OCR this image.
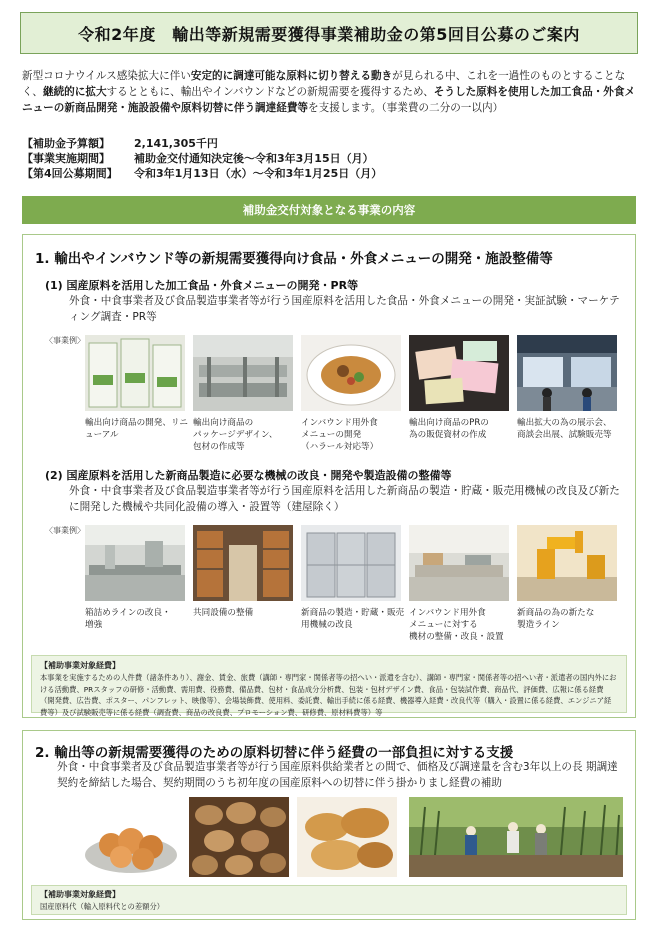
令和2年度　輸出等新規需要獲得事業補助金の第5回目公募のご案内
新型コロナウイルス感染拡大に伴い安定的に調達可能な原料に切り替える動きが見られる中、これを一過性のものとすることなく、継続的に拡大するとともに、輸出やインバウンドなどの新規需要を獲得するため、そうした原料を使用した加工食品・外食メニューの新商品開発・施設設備や原料切替に伴う調達経費等を支援します。（事業費の二分の一以内）
【補助金予算額】	2,141,305千円
【事業実施期間】	補助金交付通知決定後～令和3年3月15日（月）
【第4回公募期間】	令和3年1月13日（水）～令和3年1月25日（月）
補助金交付対象となる事業の内容
1. 輸出やインバウンド等の新規需要獲得向け食品・外食メニューの開発・施設整備等
(1) 国産原料を活用した加工食品・外食メニューの開発・PR等
外食・中食事業者及び食品製造事業者等が行う国産原料を活用した食品・外食メニューの開発・実証試験・マーケティング調査・PR等
〈事業例〉
輸出向け商品の開発、リニューアル
輸出向け商品の
パッケージデザイン、
包材の作成等
インバウンド用外食
メニューの開発
（ハラール対応等）
輸出向け商品のPRの
為の販促資材の作成
輸出拡大の為の展示会、
商談会出展、試験販売等
(2) 国産原料を活用した新商品製造に必要な機械の改良・開発や製造設備の整備等
外食・中食事業者及び食品製造事業者等が行う国産原料を活用した新商品の製造・貯蔵・販売用機械の改良及び新たに開発した機械や共同化設備の導入・設置等（建屋除く）
〈事業例〉
箱詰めラインの改良・
増強
共同設備の整備	新商品の製造・貯蔵・販売
用機械の改良
インバウンド用外食
メニューに対する
機材の整備・改良・設置
新商品の為の新たな
製造ライン
【補助事業対象経費】
本事業を実施するための人件費（諸条件あり）、謝金、賃金、旅費（講師・専門家・関係者等の招へい・派遣を含む）、講師・専門家・関係者等の招へい者・派遣者の国内外における活動費、PRスタッフの研修・活動費、需用費、役務費、備品費、包材・食品成分分析費、包装・包材デザイン費、食品・包装試作費、商品代、評価費、広報に係る経費（開発費、広告費、ポスター、パンフレット、映像等）、会場装飾費、使用料、委託費、輸出手続に係る経費、機器導入経費・改良代等（購入・設置に係る経費、エンジニア経費等）及び試験販売等に係る経費（調査費、商品の改良費、プロモーション費、研修費、原材料費等）等
2. 輸出等の新規需要獲得のための原料切替に伴う経費の一部負担に対する支援
外食・中食事業者及び食品製造事業者等が行う国産原料供給業者との間で、価格及び調達量を含む3年以上の長 期調達契約を締結した場合、契約期間のうち初年度の国産原料への切替に伴う掛かりまし経費の補助
【補助事業対象経費】
国産原料代（輸入原料代との差額分）
